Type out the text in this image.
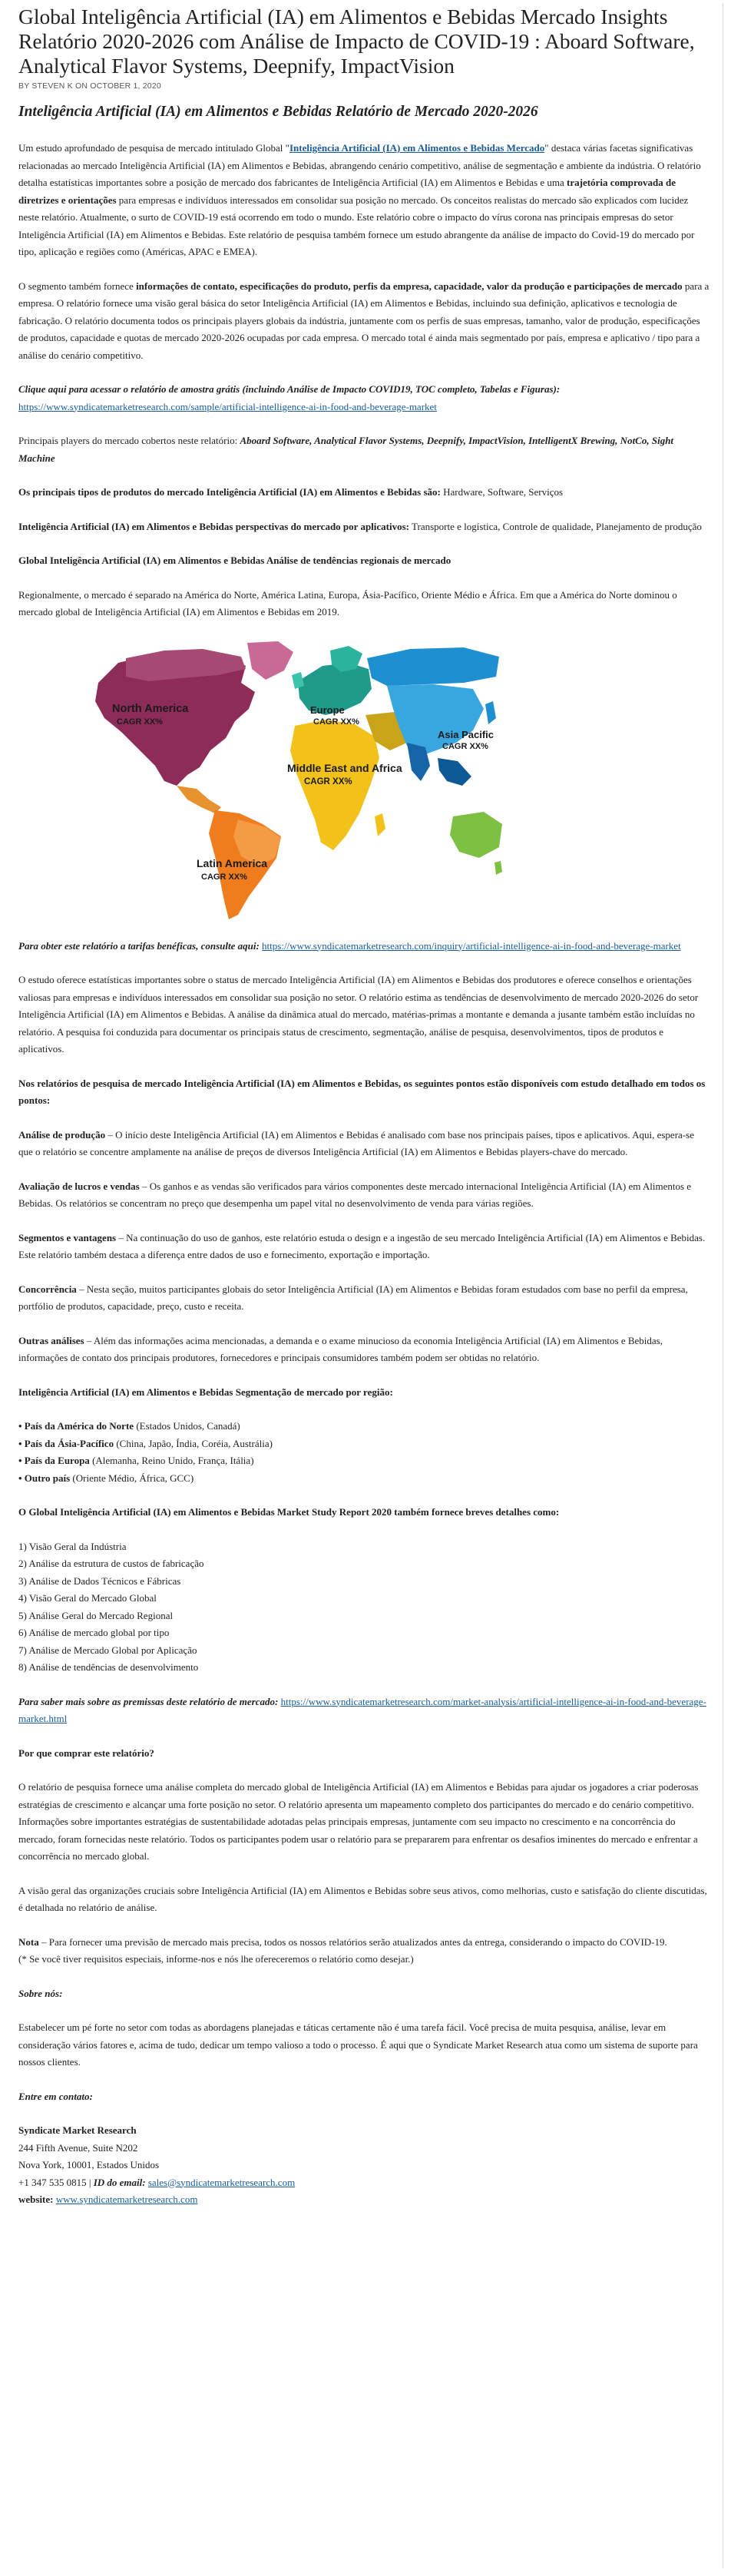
Global Inteligência Artificial (IA) em Alimentos e Bebidas Mercado Insights Relatório 2020-2026 com Análise de Impacto de COVID-19 : Aboard Software, Analytical Flavor Systems, Deepnify, ImpactVision
BY STEVEN K ON OCTOBER 1, 2020
Inteligência Artificial (IA) em Alimentos e Bebidas Relatório de Mercado 2020-2026

Um estudo aprofundado de pesquisa de mercado intitulado Global "Inteligência Artificial (IA) em Alimentos e Bebidas Mercado" destaca várias facetas significativas relacionadas ao mercado Inteligência Artificial (IA) em Alimentos e Bebidas, abrangendo cenário competitivo, análise de segmentação e ambiente da indústria. O relatório detalha estatísticas importantes sobre a posição de mercado dos fabricantes de Inteligência Artificial (IA) em Alimentos e Bebidas e uma trajetória comprovada de diretrizes e orientações para empresas e indivíduos interessados em consolidar sua posição no mercado. Os conceitos realistas do mercado são explicados com lucidez neste relatório. Atualmente, o surto de COVID-19 está ocorrendo em todo o mundo. Este relatório cobre o impacto do vírus corona nas principais empresas do setor Inteligência Artificial (IA) em Alimentos e Bebidas. Este relatório de pesquisa também fornece um estudo abrangente da análise de impacto do Covid-19 do mercado por tipo, aplicação e regiões como (Américas, APAC e EMEA).

O segmento também fornece informações de contato, especificações do produto, perfis da empresa, capacidade, valor da produção e participações de mercado para a empresa. O relatório fornece uma visão geral básica do setor Inteligência Artificial (IA) em Alimentos e Bebidas, incluindo sua definição, aplicativos e tecnologia de fabricação. O relatório documenta todos os principais players globais da indústria, juntamente com os perfis de suas empresas, tamanho, valor de produção, especificações de produtos, capacidade e quotas de mercado 2020-2026 ocupadas por cada empresa. O mercado total é ainda mais segmentado por país, empresa e aplicativo / tipo para a análise do cenário competitivo.

Clique aqui para acessar o relatório de amostra grátis (incluindo Análise de Impacto COVID19, TOC completo, Tabelas e Figuras):
https://www.syndicatemarketresearch.com/sample/artificial-intelligence-ai-in-food-and-beverage-market

Principais players do mercado cobertos neste relatório: Aboard Software, Analytical Flavor Systems, Deepnify, ImpactVision, IntelligentX Brewing, NotCo, Sight Machine

Os principais tipos de produtos do mercado Inteligência Artificial (IA) em Alimentos e Bebidas são: Hardware, Software, Serviços

Inteligência Artificial (IA) em Alimentos e Bebidas perspectivas do mercado por aplicativos: Transporte e logística, Controle de qualidade, Planejamento de produção

Global Inteligência Artificial (IA) em Alimentos e Bebidas Análise de tendências regionais de mercado

Regionalmente, o mercado é separado na América do Norte, América Latina, Europa, Ásia-Pacífico, Oriente Médio e África. Em que a América do Norte dominou o mercado global de Inteligência Artificial (IA) em Alimentos e Bebidas em 2019.

North America
CAGR XX%
Europe
CAGR XX%
Asia Pacific
CAGR XX%
Middle East and Africa
CAGR XX%
Latin America
CAGR XX%

Para obter este relatório a tarifas benéficas, consulte aqui: https://www.syndicatemarketresearch.com/inquiry/artificial-intelligence-ai-in-food-and-beverage-market

O estudo oferece estatísticas importantes sobre o status de mercado Inteligência Artificial (IA) em Alimentos e Bebidas dos produtores e oferece conselhos e orientações valiosas para empresas e indivíduos interessados em consolidar sua posição no setor. O relatório estima as tendências de desenvolvimento de mercado 2020-2026 do setor Inteligência Artificial (IA) em Alimentos e Bebidas. A análise da dinâmica atual do mercado, matérias-primas a montante e demanda a jusante também estão incluídas no relatório. A pesquisa foi conduzida para documentar os principais status de crescimento, segmentação, análise de pesquisa, desenvolvimentos, tipos de produtos e aplicativos.

Nos relatórios de pesquisa de mercado Inteligência Artificial (IA) em Alimentos e Bebidas, os seguintes pontos estão disponíveis com estudo detalhado em todos os pontos:

Análise de produção – O início deste Inteligência Artificial (IA) em Alimentos e Bebidas é analisado com base nos principais países, tipos e aplicativos. Aqui, espera-se que o relatório se concentre amplamente na análise de preços de diversos Inteligência Artificial (IA) em Alimentos e Bebidas players-chave do mercado.

Avaliação de lucros e vendas – Os ganhos e as vendas são verificados para vários componentes deste mercado internacional Inteligência Artificial (IA) em Alimentos e Bebidas. Os relatórios se concentram no preço que desempenha um papel vital no desenvolvimento de venda para várias regiões.

Segmentos e vantagens – Na continuação do uso de ganhos, este relatório estuda o design e a ingestão de seu mercado Inteligência Artificial (IA) em Alimentos e Bebidas. Este relatório também destaca a diferença entre dados de uso e fornecimento, exportação e importação.

Concorrência – Nesta seção, muitos participantes globais do setor Inteligência Artificial (IA) em Alimentos e Bebidas foram estudados com base no perfil da empresa, portfólio de produtos, capacidade, preço, custo e receita.

Outras análises – Além das informações acima mencionadas, a demanda e o exame minucioso da economia Inteligência Artificial (IA) em Alimentos e Bebidas, informações de contato dos principais produtores, fornecedores e principais consumidores também podem ser obtidas no relatório.

Inteligência Artificial (IA) em Alimentos e Bebidas Segmentação de mercado por região:

• País da América do Norte (Estados Unidos, Canadá)
• País da Ásia-Pacífico (China, Japão, Índia, Coréia, Austrália)
• País da Europa (Alemanha, Reino Unido, França, Itália)
• Outro país (Oriente Médio, África, GCC)

O Global Inteligência Artificial (IA) em Alimentos e Bebidas Market Study Report 2020 também fornece breves detalhes como:

1) Visão Geral da Indústria
2) Análise da estrutura de custos de fabricação
3) Análise de Dados Técnicos e Fábricas
4) Visão Geral do Mercado Global
5) Análise Geral do Mercado Regional
6) Análise de mercado global por tipo
7) Análise de Mercado Global por Aplicação
8) Análise de tendências de desenvolvimento

Para saber mais sobre as premissas deste relatório de mercado: https://www.syndicatemarketresearch.com/market-analysis/artificial-intelligence-ai-in-food-and-beverage-market.html

Por que comprar este relatório?

O relatório de pesquisa fornece uma análise completa do mercado global de Inteligência Artificial (IA) em Alimentos e Bebidas para ajudar os jogadores a criar poderosas estratégias de crescimento e alcançar uma forte posição no setor. O relatório apresenta um mapeamento completo dos participantes do mercado e do cenário competitivo. Informações sobre importantes estratégias de sustentabilidade adotadas pelas principais empresas, juntamente com seu impacto no crescimento e na concorrência do mercado, foram fornecidas neste relatório. Todos os participantes podem usar o relatório para se prepararem para enfrentar os desafios iminentes do mercado e enfrentar a concorrência no mercado global.

A visão geral das organizações cruciais sobre Inteligência Artificial (IA) em Alimentos e Bebidas sobre seus ativos, como melhorias, custo e satisfação do cliente discutidas, é detalhada no relatório de análise.

Nota – Para fornecer uma previsão de mercado mais precisa, todos os nossos relatórios serão atualizados antes da entrega, considerando o impacto do COVID-19.
(* Se você tiver requisitos especiais, informe-nos e nós lhe ofereceremos o relatório como desejar.)

Sobre nós:

Estabelecer um pé forte no setor com todas as abordagens planejadas e táticas certamente não é uma tarefa fácil. Você precisa de muita pesquisa, análise, levar em consideração vários fatores e, acima de tudo, dedicar um tempo valioso a todo o processo. É aqui que o Syndicate Market Research atua como um sistema de suporte para nossos clientes.

Entre em contato:

Syndicate Market Research
244 Fifth Avenue, Suite N202
Nova York, 10001, Estados Unidos
+1 347 535 0815 | ID do email: sales@syndicatemarketresearch.com
website: www.syndicatemarketresearch.com
